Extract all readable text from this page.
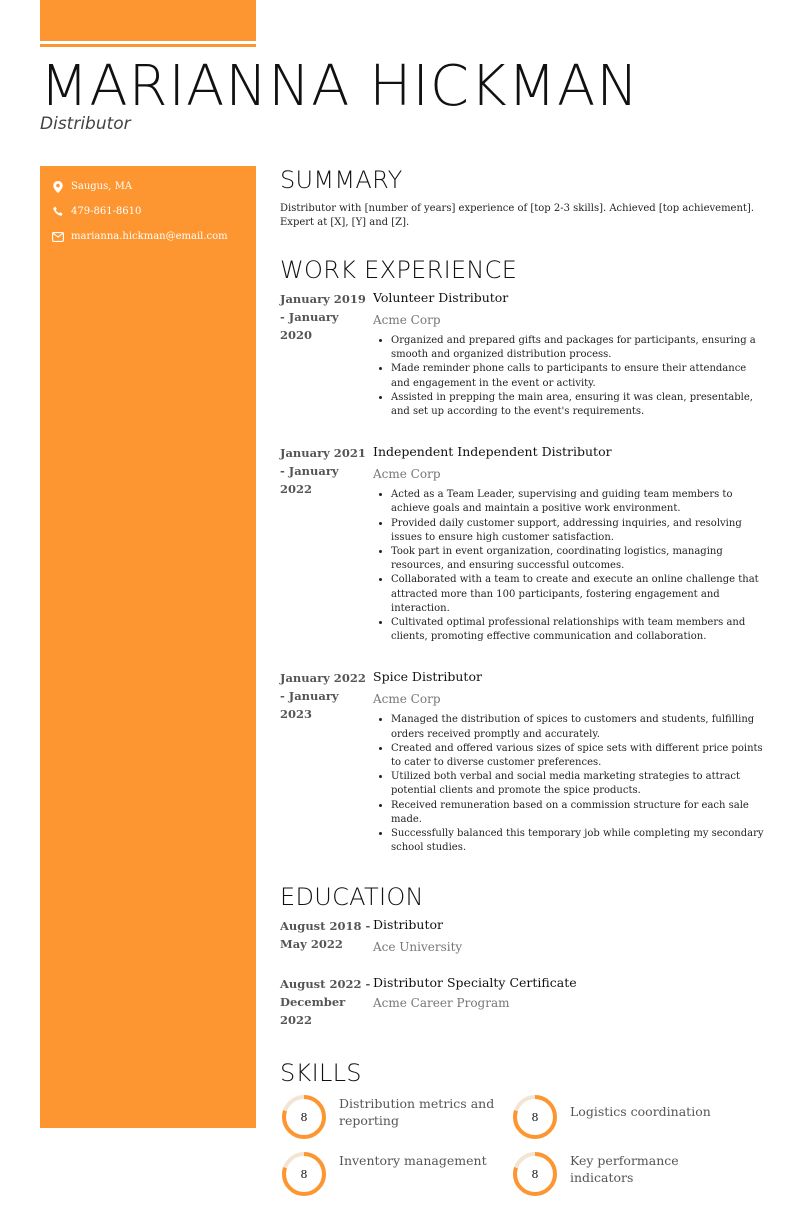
MARIANNA HICKMAN
Distributor
Saugus, MA
479-861-8610
marianna.hickman@email.com
SUMMARY

Distributor with [number of years] experience of [top 2-3 skills]. Achieved [top achievement]. Expert at [X], [Y] and [Z].

WORK EXPERIENCE
January 2019 - January 2020
Volunteer Distributor
Acme Corp
• Organized and prepared gifts and packages for participants, ensuring a smooth and organized distribution process.
• Made reminder phone calls to participants to ensure their attendance and engagement in the event or activity.
• Assisted in prepping the main area, ensuring it was clean, presentable, and set up according to the event's requirements.
January 2021 - January 2022
Independent Independent Distributor
Acme Corp
• Acted as a Team Leader, supervising and guiding team members to achieve goals and maintain a positive work environment.
• Provided daily customer support, addressing inquiries, and resolving issues to ensure high customer satisfaction.
• Took part in event organization, coordinating logistics, managing resources, and ensuring successful outcomes.
• Collaborated with a team to create and execute an online challenge that attracted more than 100 participants, fostering engagement and interaction.
• Cultivated optimal professional relationships with team members and clients, promoting effective communication and collaboration.
January 2022 - January 2023
Spice Distributor
Acme Corp
• Managed the distribution of spices to customers and students, fulfilling orders received promptly and accurately.
• Created and offered various sizes of spice sets with different price points to cater to diverse customer preferences.
• Utilized both verbal and social media marketing strategies to attract potential clients and promote the spice products.
• Received remuneration based on a commission structure for each sale made.
• Successfully balanced this temporary job while completing my secondary school studies.
EDUCATION
August 2018 - May 2022
Distributor
Ace University
August 2022 - December 2022
Distributor Specialty Certificate
Acme Career Program
SKILLS
8
Distribution metrics and reporting	8	Logistics coordination
8
Inventory management
8
Key performance indicators
